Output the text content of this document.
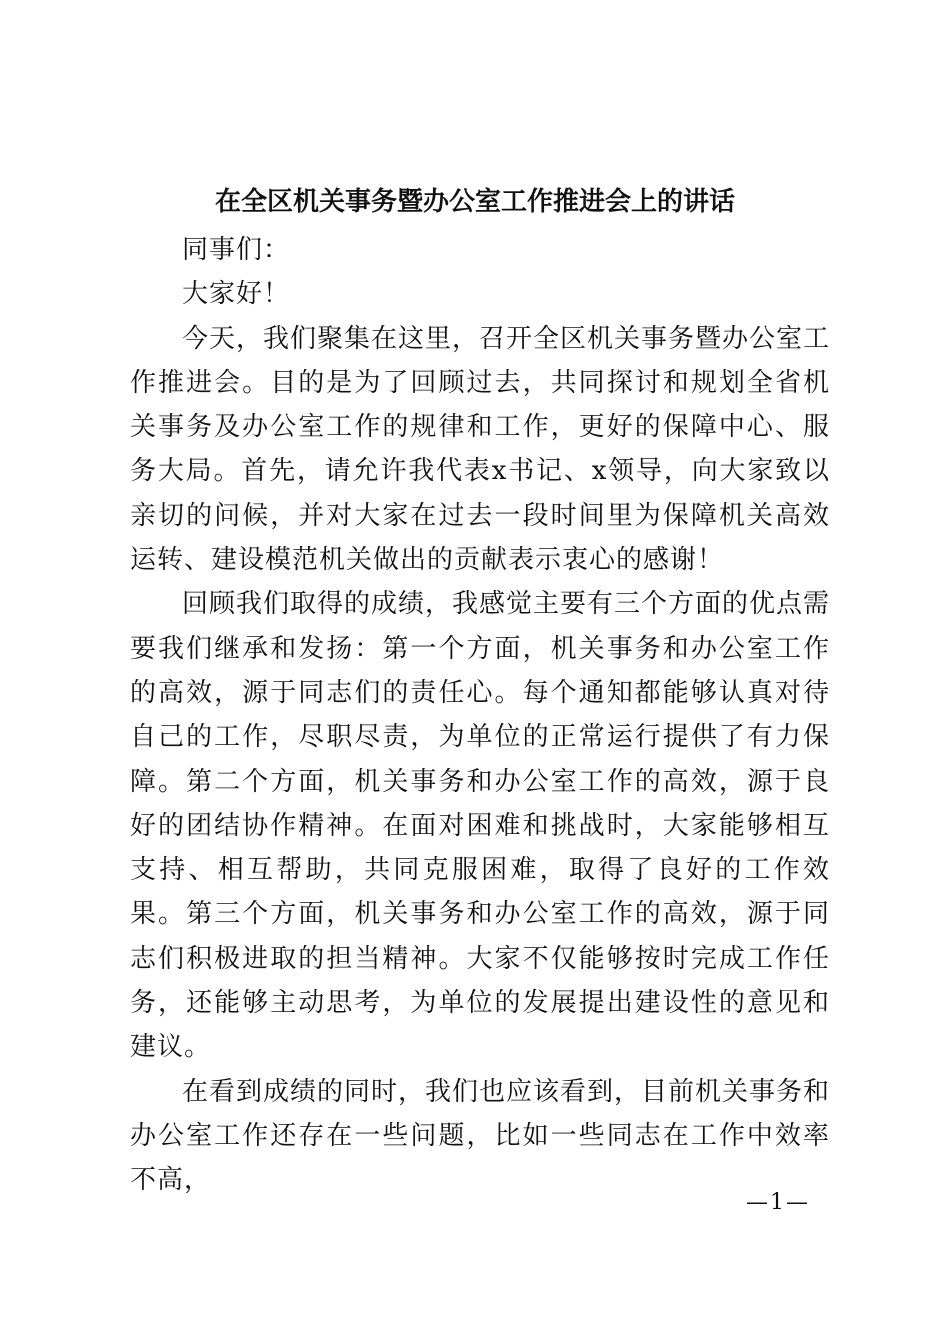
在全区机关事务暨办公室工作推进会上的讲话

同事们：

大家好！

今天，我们聚集在这里，召开全区机关事务暨办公室工作推进会。目的是为了回顾过去，共同探讨和规划全省机关事务及办公室工作的规律和工作，更好的保障中心、服务大局。首先，请允许我代表x书记、x领导，向大家致以亲切的问候，并对大家在过去一段时间里为保障机关高效运转、建设模范机关做出的贡献表示衷心的感谢！

回顾我们取得的成绩，我感觉主要有三个方面的优点需要我们继承和发扬：第一个方面，机关事务和办公室工作的高效，源于同志们的责任心。每个通知都能够认真对待自己的工作，尽职尽责，为单位的正常运行提供了有力保障。第二个方面，机关事务和办公室工作的高效，源于良好的团结协作精神。在面对困难和挑战时，大家能够相互支持、相互帮助，共同克服困难，取得了良好的工作效果。第三个方面，机关事务和办公室工作的高效，源于同志们积极进取的担当精神。大家不仅能够按时完成工作任务，还能够主动思考，为单位的发展提出建设性的意见和建议。

在看到成绩的同时，我们也应该看到，目前机关事务和办公室工作还存在一些问题，比如一些同志在工作中效率不高，

—1—
